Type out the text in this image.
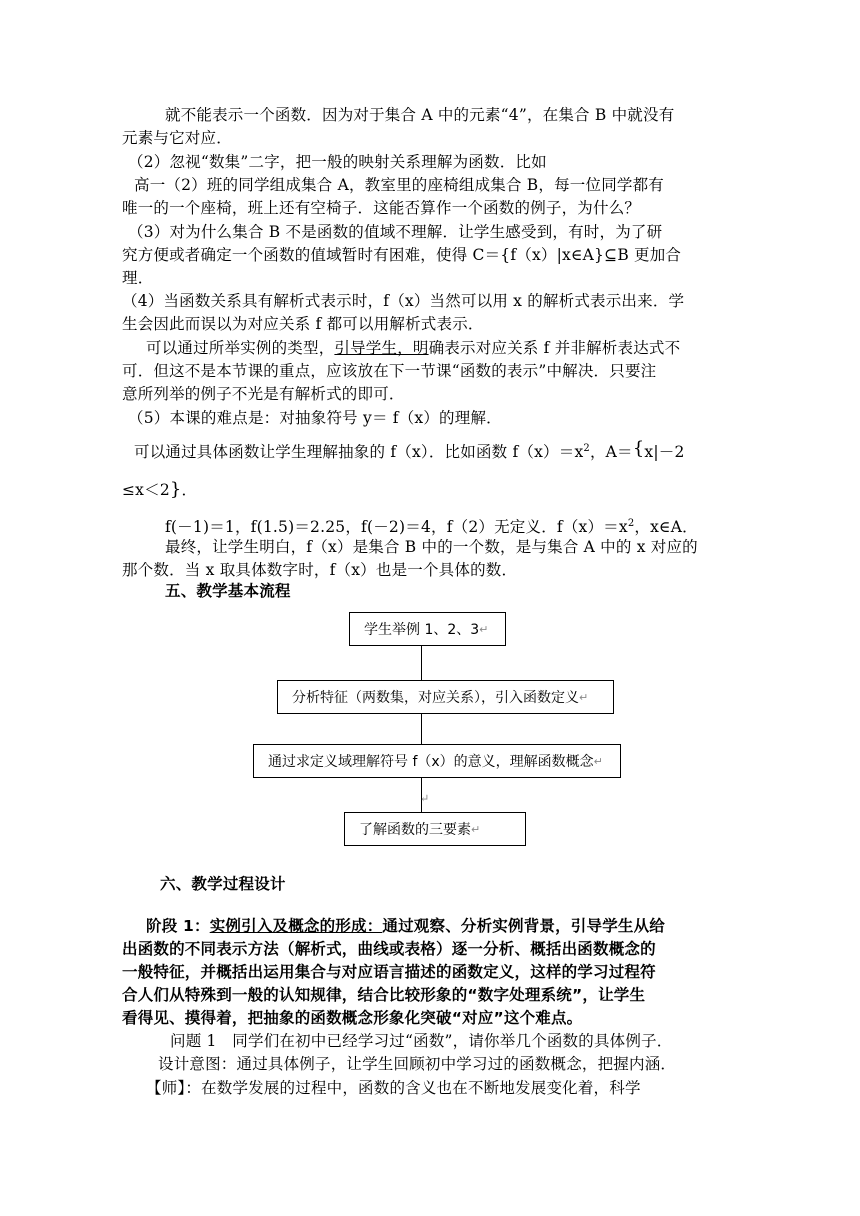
就不能表示一个函数．因为对于集合 A 中的元素“4”，在集合 B 中就没有
元素与它对应．
（2）忽视“数集”二字，把一般的映射关系理解为函数．比如
高一（2）班的同学组成集合 A，教室里的座椅组成集合 B，每一位同学都有
唯一的一个座椅，班上还有空椅子．这能否算作一个函数的例子，为什么？
（3）对为什么集合 B 不是函数的值域不理解．让学生感受到，有时，为了研
究方便或者确定一个函数的值域暂时有困难，使得 C＝{f（x）|x∈A}⊆B 更加合
理．
（4）当函数关系具有解析式表示时，f（x）当然可以用 x 的解析式表示出来．学
生会因此而误以为对应关系 f 都可以用解析式表示．
可以通过所举实例的类型，引导学生，明确表示对应关系 f 并非解析表达式不
可．但这不是本节课的重点，应该放在下一节课“函数的表示”中解决．只要注
意所列举的例子不光是有解析式的即可．
（5）本课的难点是：对抽象符号 y＝ f（x）的理解．
可以通过具体函数让学生理解抽象的 f（x）．比如函数 $f(x)=x^2$，A＝{x|－2
≤x＜2}．
f(－1)＝1，f(1.5)＝2.25，f(－2)＝4，f（2）无定义．$f(x)=x^2$，x∈A．
最终，让学生明白，f（x）是集合 B 中的一个数，是与集合 A 中的 x 对应的
那个数．当 x 取具体数字时，f（x）也是一个具体的数．
五、教学基本流程
学生举例 1、2、3 ↵
分析特征（两数集，对应关系），引入函数定义 ↵
通过求定义域理解符号 f（x）的意义，理解函数概念 ↵
↵
了解函数的三要素 ↵
六、教学过程设计
阶段 1：实例引入及概念的形成：通过观察、分析实例背景，引导学生从给
出函数的不同表示方法（解析式，曲线或表格）逐一分析、概括出函数概念的
一般特征，并概括出运用集合与对应语言描述的函数定义，这样的学习过程符
合人们从特殊到一般的认知规律，结合比较形象的“数字处理系统”，让学生
看得见、摸得着，把抽象的函数概念形象化突破“对应”这个难点。
问题 1　同学们在初中已经学习过“函数”，请你举几个函数的具体例子．
设计意图：通过具体例子，让学生回顾初中学习过的函数概念，把握内涵．
【师】：在数学发展的过程中，函数的含义也在不断地发展变化着，科学
